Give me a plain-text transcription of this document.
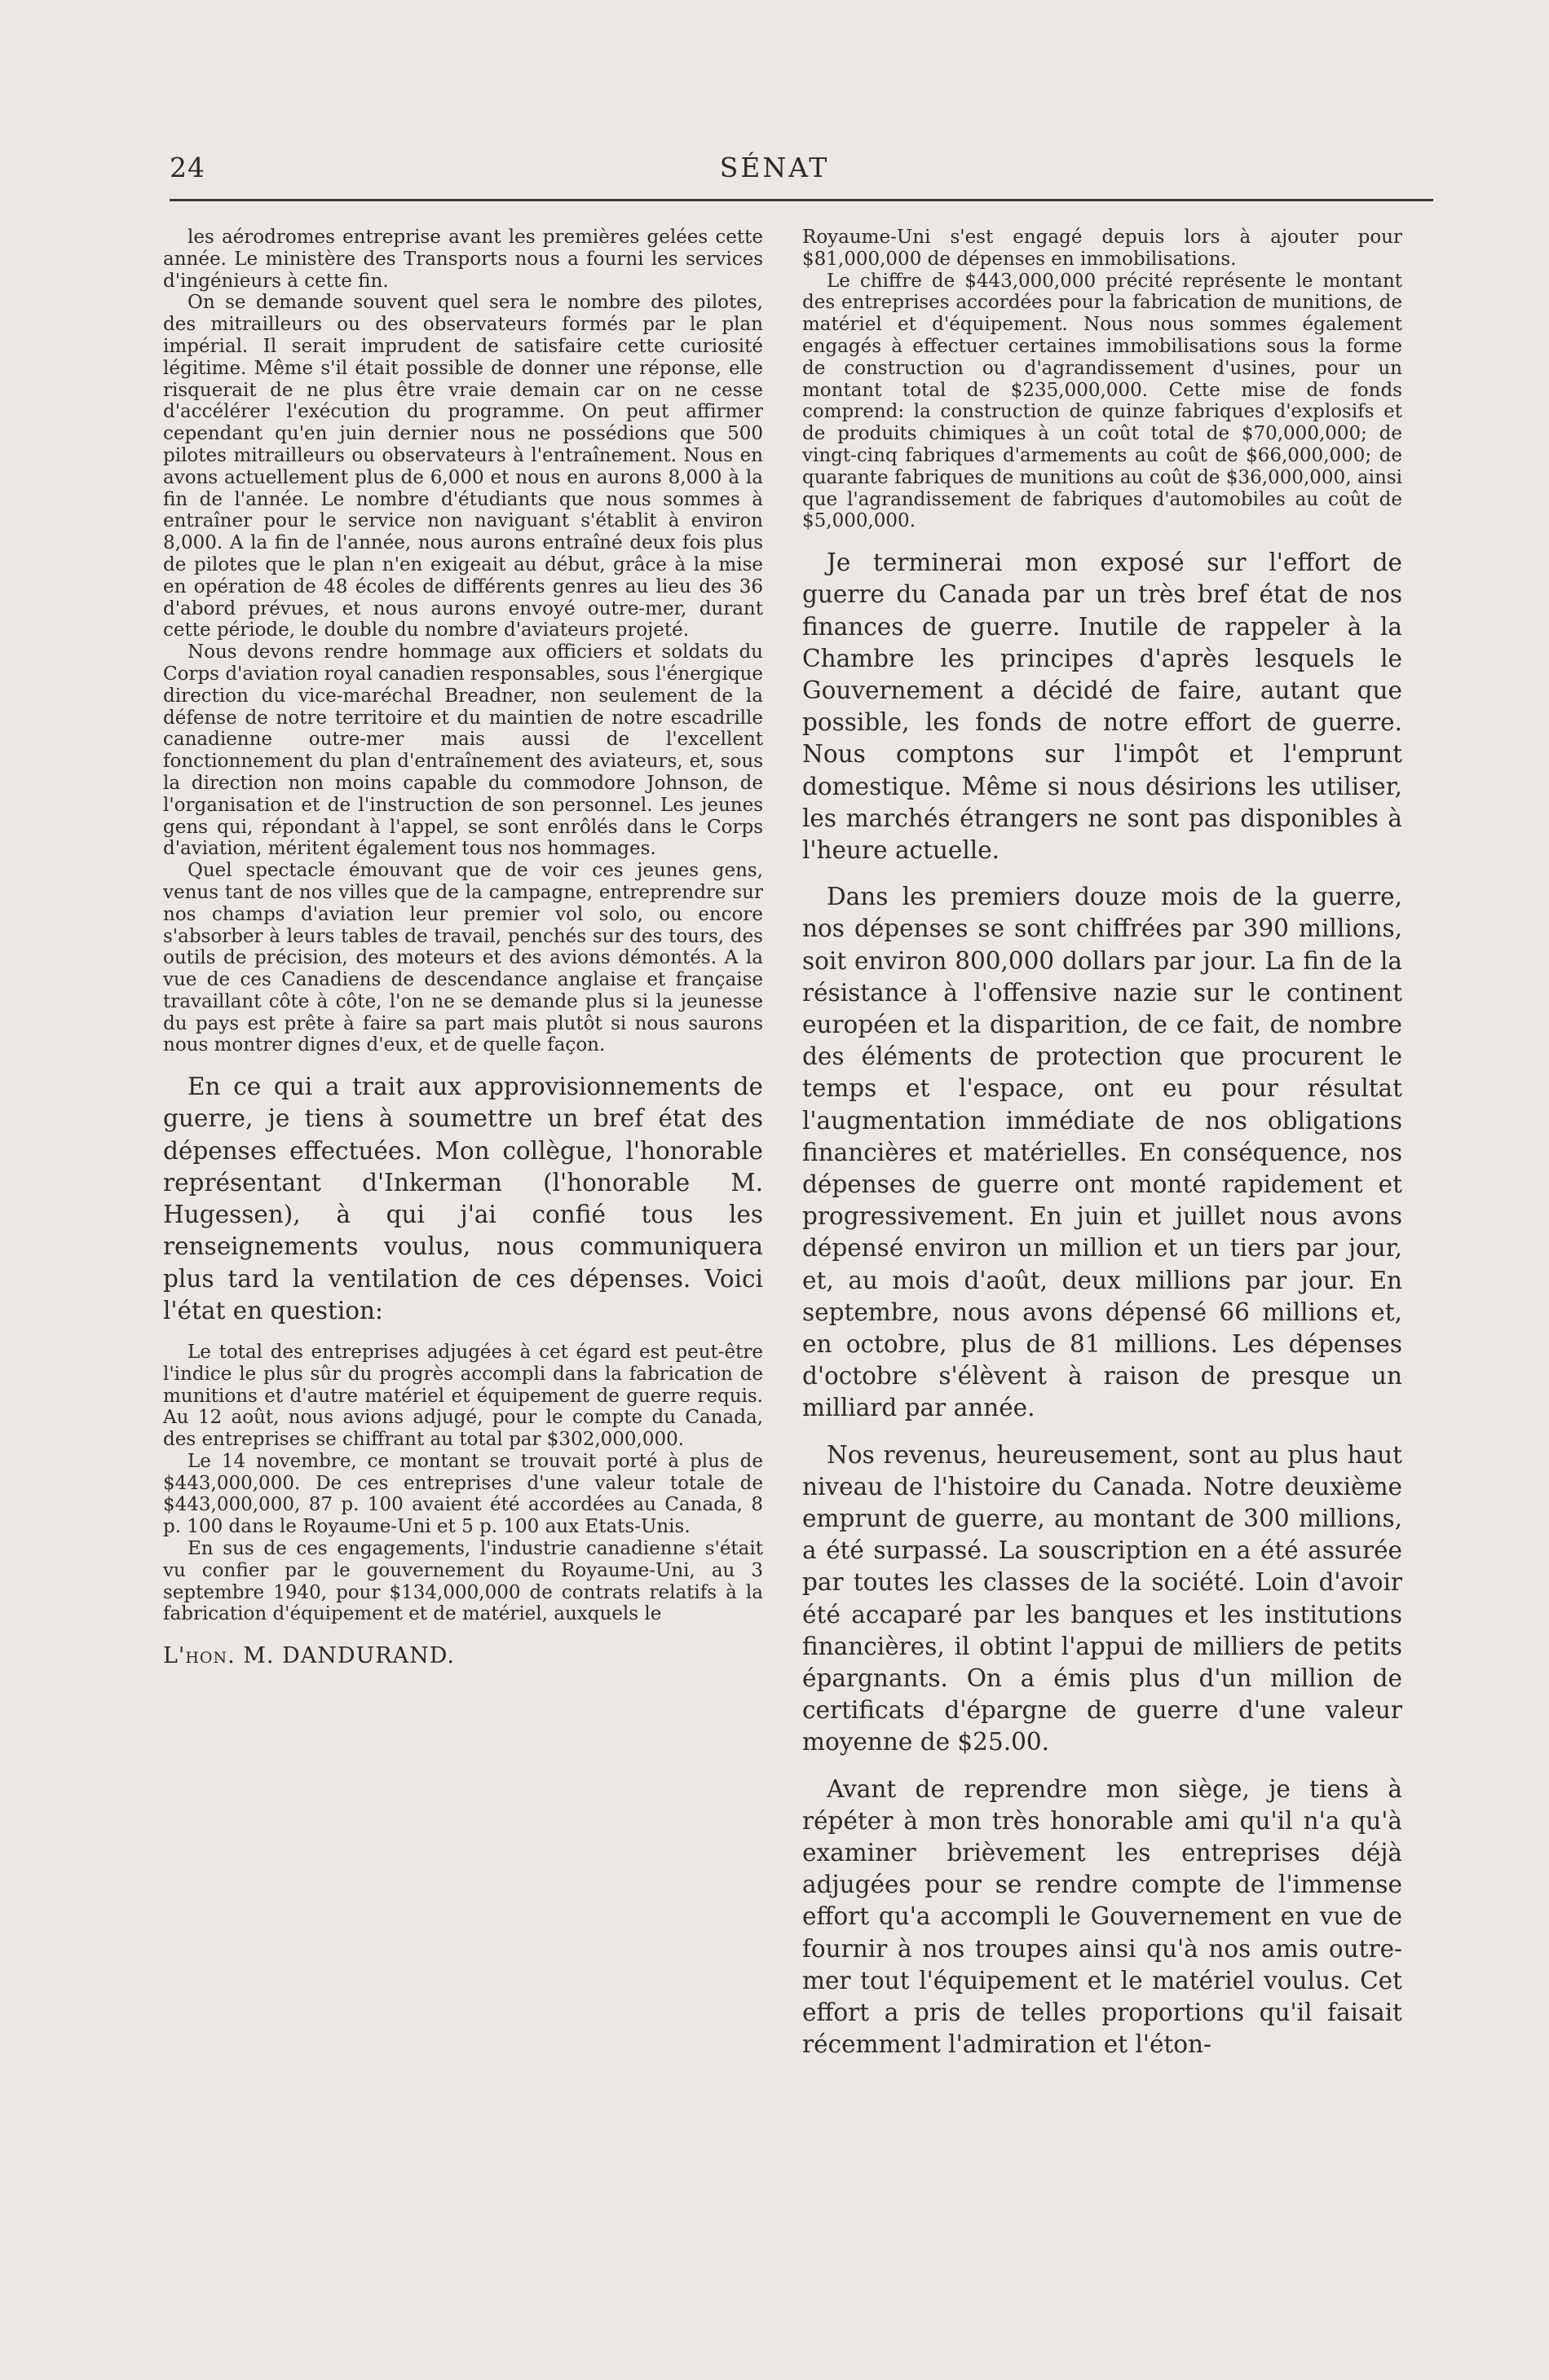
24	SÉNAT

les aérodromes entreprise avant les premières gelées cette année. Le ministère des Transports nous a fourni les services d'ingénieurs à cette fin.

On se demande souvent quel sera le nombre des pilotes, des mitrailleurs ou des observateurs formés par le plan impérial. Il serait imprudent de satisfaire cette curiosité légitime. Même s'il était possible de donner une réponse, elle risquerait de ne plus être vraie demain car on ne cesse d'accélérer l'exécution du programme. On peut affirmer cependant qu'en juin dernier nous ne possédions que 500 pilotes mitrailleurs ou observateurs à l'entraînement. Nous en avons actuellement plus de 6,000 et nous en aurons 8,000 à la fin de l'année. Le nombre d'étudiants que nous sommes à entraîner pour le service non naviguant s'établit à environ 8,000. A la fin de l'année, nous aurons entraîné deux fois plus de pilotes que le plan n'en exigeait au début, grâce à la mise en opération de 48 écoles de différents genres au lieu des 36 d'abord prévues, et nous aurons envoyé outre-mer, durant cette période, le double du nombre d'aviateurs projeté.

Nous devons rendre hommage aux officiers et soldats du Corps d'aviation royal canadien responsables, sous l'énergique direction du vice-maréchal Breadner, non seulement de la défense de notre territoire et du maintien de notre escadrille canadienne outre-mer mais aussi de l'excellent fonctionnement du plan d'entraînement des aviateurs, et, sous la direction non moins capable du commodore Johnson, de l'organisation et de l'instruction de son personnel. Les jeunes gens qui, répondant à l'appel, se sont enrôlés dans le Corps d'aviation, méritent également tous nos hommages.

Quel spectacle émouvant que de voir ces jeunes gens, venus tant de nos villes que de la campagne, entreprendre sur nos champs d'aviation leur premier vol solo, ou encore s'absorber à leurs tables de travail, penchés sur des tours, des outils de précision, des moteurs et des avions démontés. A la vue de ces Canadiens de descendance anglaise et française travaillant côte à côte, l'on ne se demande plus si la jeunesse du pays est prête à faire sa part mais plutôt si nous saurons nous montrer dignes d'eux, et de quelle façon.

En ce qui a trait aux approvisionnements de guerre, je tiens à soumettre un bref état des dépenses effectuées. Mon collègue, l'honorable représentant d'Inkerman (l'honorable M. Hugessen), à qui j'ai confié tous les renseignements voulus, nous communiquera plus tard la ventilation de ces dépenses. Voici l'état en question:

Le total des entreprises adjugées à cet égard est peut-être l'indice le plus sûr du progrès accompli dans la fabrication de munitions et d'autre matériel et équipement de guerre requis. Au 12 août, nous avions adjugé, pour le compte du Canada, des entreprises se chiffrant au total par $302,000,000.

Le 14 novembre, ce montant se trouvait porté à plus de $443,000,000. De ces entreprises d'une valeur totale de $443,000,000, 87 p. 100 avaient été accordées au Canada, 8 p. 100 dans le Royaume-Uni et 5 p. 100 aux Etats-Unis.

En sus de ces engagements, l'industrie canadienne s'était vu confier par le gouvernement du Royaume-Uni, au 3 septembre 1940, pour $134,000,000 de contrats relatifs à la fabrication d'équipement et de matériel, auxquels le

L'hon. M. DANDURAND.

Royaume-Uni s'est engagé depuis lors à ajouter pour $81,000,000 de dépenses en immobilisations.

Le chiffre de $443,000,000 précité représente le montant des entreprises accordées pour la fabrication de munitions, de matériel et d'équipement. Nous nous sommes également engagés à effectuer certaines immobilisations sous la forme de construction ou d'agrandissement d'usines, pour un montant total de $235,000,000. Cette mise de fonds comprend: la construction de quinze fabriques d'explosifs et de produits chimiques à un coût total de $70,000,000; de vingt-cinq fabriques d'armements au coût de $66,000,000; de quarante fabriques de munitions au coût de $36,000,000, ainsi que l'agrandissement de fabriques d'automobiles au coût de $5,000,000.

Je terminerai mon exposé sur l'effort de guerre du Canada par un très bref état de nos finances de guerre. Inutile de rappeler à la Chambre les principes d'après lesquels le Gouvernement a décidé de faire, autant que possible, les fonds de notre effort de guerre. Nous comptons sur l'impôt et l'emprunt domestique. Même si nous désirions les utiliser, les marchés étrangers ne sont pas disponibles à l'heure actuelle.

Dans les premiers douze mois de la guerre, nos dépenses se sont chiffrées par 390 millions, soit environ 800,000 dollars par jour. La fin de la résistance à l'offensive nazie sur le continent européen et la disparition, de ce fait, de nombre des éléments de protection que procurent le temps et l'espace, ont eu pour résultat l'augmentation immédiate de nos obligations financières et matérielles. En conséquence, nos dépenses de guerre ont monté rapidement et progressivement. En juin et juillet nous avons dépensé environ un million et un tiers par jour, et, au mois d'août, deux millions par jour. En septembre, nous avons dépensé 66 millions et, en octobre, plus de 81 millions. Les dépenses d'octobre s'élèvent à raison de presque un milliard par année.

Nos revenus, heureusement, sont au plus haut niveau de l'histoire du Canada. Notre deuxième emprunt de guerre, au montant de 300 millions, a été surpassé. La souscription en a été assurée par toutes les classes de la société. Loin d'avoir été accaparé par les banques et les institutions financières, il obtint l'appui de milliers de petits épargnants. On a émis plus d'un million de certificats d'épargne de guerre d'une valeur moyenne de $25.00.

Avant de reprendre mon siège, je tiens à répéter à mon très honorable ami qu'il n'a qu'à examiner brièvement les entreprises déjà adjugées pour se rendre compte de l'immense effort qu'a accompli le Gouvernement en vue de fournir à nos troupes ainsi qu'à nos amis outre-mer tout l'équipement et le matériel voulus. Cet effort a pris de telles proportions qu'il faisait récemment l'admiration et l'éton-
